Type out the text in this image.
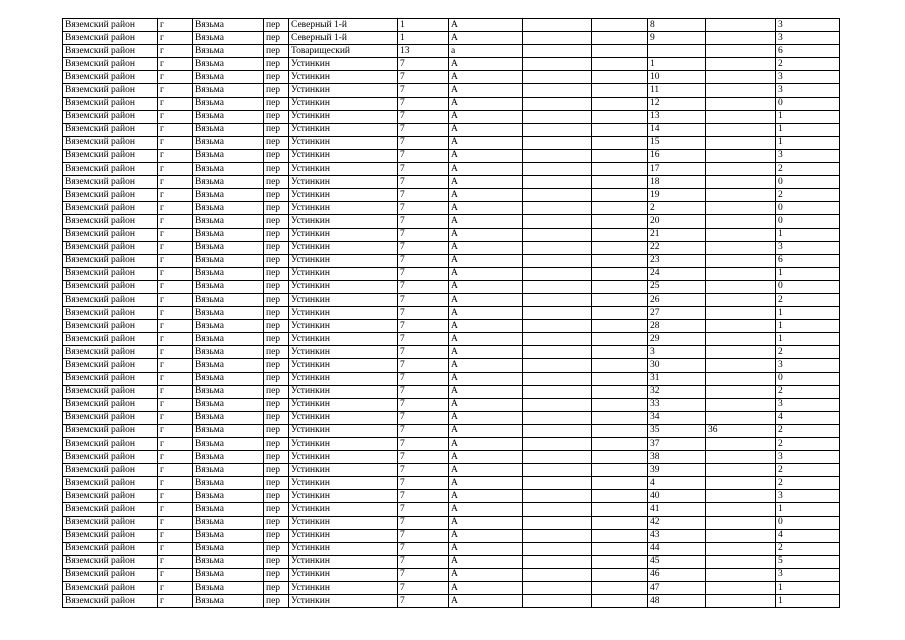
Вяземский район	г	Вязьма	пер	Северный 1-й	1	А			8		3
Вяземский район	г	Вязьма	пер	Северный 1-й	1	А			9		3
Вяземский район	г	Вязьма	пер	Товарищеский	13	а					6
Вяземский район	г	Вязьма	пер	Устинкин	7	А			1		2
Вяземский район	г	Вязьма	пер	Устинкин	7	А			10		3
Вяземский район	г	Вязьма	пер	Устинкин	7	А			11		3
Вяземский район	г	Вязьма	пер	Устинкин	7	А			12		0
Вяземский район	г	Вязьма	пер	Устинкин	7	А			13		1
Вяземский район	г	Вязьма	пер	Устинкин	7	А			14		1
Вяземский район	г	Вязьма	пер	Устинкин	7	А			15		1
Вяземский район	г	Вязьма	пер	Устинкин	7	А			16		3
Вяземский район	г	Вязьма	пер	Устинкин	7	А			17		2
Вяземский район	г	Вязьма	пер	Устинкин	7	А			18		0
Вяземский район	г	Вязьма	пер	Устинкин	7	А			19		2
Вяземский район	г	Вязьма	пер	Устинкин	7	А			2		0
Вяземский район	г	Вязьма	пер	Устинкин	7	А			20		0
Вяземский район	г	Вязьма	пер	Устинкин	7	А			21		1
Вяземский район	г	Вязьма	пер	Устинкин	7	А			22		3
Вяземский район	г	Вязьма	пер	Устинкин	7	А			23		6
Вяземский район	г	Вязьма	пер	Устинкин	7	А			24		1
Вяземский район	г	Вязьма	пер	Устинкин	7	А			25		0
Вяземский район	г	Вязьма	пер	Устинкин	7	А			26		2
Вяземский район	г	Вязьма	пер	Устинкин	7	А			27		1
Вяземский район	г	Вязьма	пер	Устинкин	7	А			28		1
Вяземский район	г	Вязьма	пер	Устинкин	7	А			29		1
Вяземский район	г	Вязьма	пер	Устинкин	7	А			3		2
Вяземский район	г	Вязьма	пер	Устинкин	7	А			30		3
Вяземский район	г	Вязьма	пер	Устинкин	7	А			31		0
Вяземский район	г	Вязьма	пер	Устинкин	7	А			32		2
Вяземский район	г	Вязьма	пер	Устинкин	7	А			33		3
Вяземский район	г	Вязьма	пер	Устинкин	7	А			34		4
Вяземский район	г	Вязьма	пер	Устинкин	7	А			35	36	2
Вяземский район	г	Вязьма	пер	Устинкин	7	А			37		2
Вяземский район	г	Вязьма	пер	Устинкин	7	А			38		3
Вяземский район	г	Вязьма	пер	Устинкин	7	А			39		2
Вяземский район	г	Вязьма	пер	Устинкин	7	А			4		2
Вяземский район	г	Вязьма	пер	Устинкин	7	А			40		3
Вяземский район	г	Вязьма	пер	Устинкин	7	А			41		1
Вяземский район	г	Вязьма	пер	Устинкин	7	А			42		0
Вяземский район	г	Вязьма	пер	Устинкин	7	А			43		4
Вяземский район	г	Вязьма	пер	Устинкин	7	А			44		2
Вяземский район	г	Вязьма	пер	Устинкин	7	А			45		5
Вяземский район	г	Вязьма	пер	Устинкин	7	А			46		3
Вяземский район	г	Вязьма	пер	Устинкин	7	А			47		1
Вяземский район	г	Вязьма	пер	Устинкин	7	А			48		1
